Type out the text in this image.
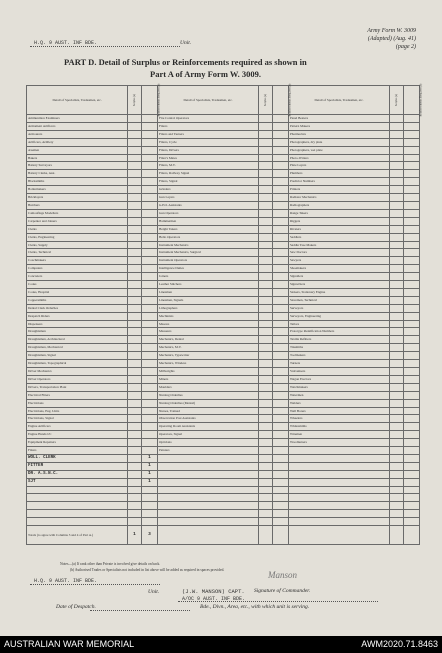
H.Q. 9 AUST. INF BDE.	Unit.
Army Form W. 3009
(Adapted) (Aug. 41)
(page 2)
PART D. Detail of Surplus or Reinforcements required as shown in
Part A of Army Form W. 3009.
Detail of Specialists, Tradesmen, etc.	Surplus (a)	Reinforcements Required (b)	Detail of Specialists, Tradesmen, etc.	Surplus (a)	Reinforcements Required (b)	Detail of Specialists, Tradesmen, etc.	Surplus (a)	Reinforcements Required (b)
Ammunition Examiners			Fire Control Operators			Panel Beaters		
Armament Artificers			Fitters			Pattern Makers		
Armourers			Fitters and Turners			Pharmacists		
Artificers, Artillery			Fitters, Cycle			Photographers, dry plate		
Axemen			Fitters, Drivers			Photographers, wet plate		
Bakers			Fitter's Mates			Photo-Writers		
Battery Surveyors			Fitters, M.V.			Plate Layers		
Battery Clerks, Asst.			Fitters, Railway Signal			Plumbers		
Blacksmiths			Fitters, Signal			Predictor Numbers		
Boilermakers			Grinders			Printers		
Bricklayers			Gun Layers			Radiator Mechanics		
Butchers			G.P.O. Assistants			Radiographers		
Camouflage Modellers			Gun Operators			Range Takers		
Carpenter and Joiners			Hammermen			Riggers		
Clerks			Height Takers			Riveters		
Clerks, Engineering			Helio Operators			Saddlers		
Clerks, Supply			Instrument Mechanics			Saddle Tree Makers		
Clerks, Technical			Instrument Mechanics, Surgical			Saw Doctors		
Coachmakers			Instrument Operators			Sawyers		
Computers			Intelligence Duties			Shoemakers		
Concreters			Joiners			Signallers		
Cooks			Leather Stitchers			Signwriters		
Cooks, Hospital			Linesmen			Stokers, Stationary Engine		
Coppersmiths			Linesmen, Signals			Storemen, Technical		
Dental Clerk Orderlies			Lithographers			Surveyors		
Despatch Riders			Machinists			Surveyors, Engineering		
Dispensers			Masons			Tailors		
Draughtsmen			Masseurs			Prototype Identification Numbers		
Draughtsmen, Architectural			Mechanics, Dental			Textile Refitters		
Draughtsmen, Mechanical			Mechanics, M.V.			Tinsmiths		
Draughtsmen, Signal			Mechanics, Typewriter			Toolmakers		
Draughtsmen, Topographical			Mechanics, Wireless			Turners		
Driver Mechanics			Millwrights			Vulcanisers		
Driver Operators			Miners			Wagon Erectors		
Drivers, Transportation Plant			Moulders			Watchmakers		
Electrical Fitters			Nursing Orderlies			Watermen		
Electricians			Nursing Orderlies (Mental)			Welders		
Electricians, Eng. Units			Nurses, Trained			Well Borers		
Electricians, Signal			Observation Post Assistants			Wheelers		
Engine Artificers			Operating Room Assistants			Whitesmiths		
Engine Hands I/C			Operators, Signal			Wiremen		
Equipment Repairers			Opticians			Woodturners		
Fitters			Painters					
WOLL. CLERK		1						
FITTER		1						
DR. A.S.N.C.		1						
SJT		1						

Totals (to agree with Columns 3 and 4 of Part A.)	1	3						
Notes—(a) If rank other than Private is involved give details on back.
(b) Authorised Trades or Specialists not included in list above will be added as required in spaces provided.
H.Q. 9 AUST. INF BDE.
Unit.
Manson
(J.W. MANSON) CAPT. Signature of Commander.
A/OC 9 AUST. INF BDE.
Date of Despatch.	Bde., Divn., Area, etc., with which unit is serving.
AUSTRALIAN WAR MEMORIAL	AWM2020.71.8463
